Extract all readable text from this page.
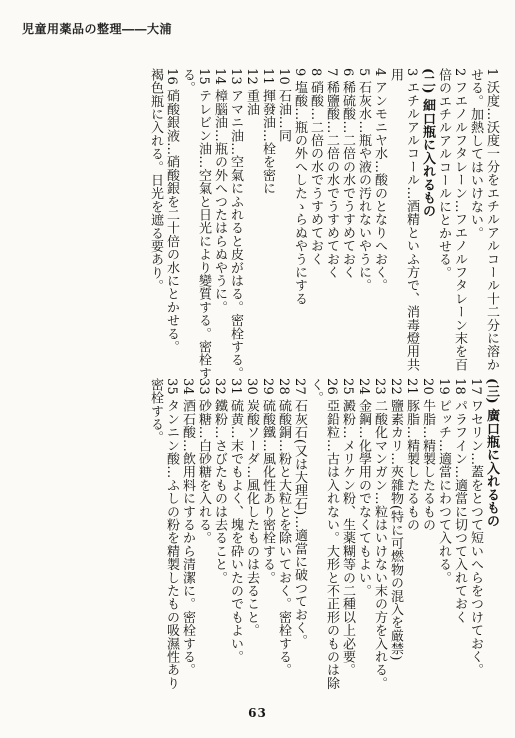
児童用薬品の整理――大浦
1 沃度…沃度一分をエチルアルコール十二分に溶か
せる。加熱してはいけない。
2 フエノルフタレーン…フエノルフタレーン末を百
倍のエチルアルコールにとかせる。
(二) 細口瓶に入れるもの
3 エチルアルコール…酒精といふ方で、消毒燈用共
用
4 アンモニヤ水…酸のとなりへおく。
5 石灰水…瓶や液の汚れないやうに。
6 稀硫酸…二倍の水でうすめておく
7 稀鹽酸…二倍の水でうすめておく
8 硝酸…二倍の水でうすめておく
9 塩酸…瓶の外へしたゝらぬやうにする
10 石油…同
11 揮發油…栓を密に
12 重油
13 アマニ油…空氣にふれると皮がはる。密栓する。
14 樟腦油…瓶の外へつたはらぬやうに。
15 テレビン油…空氣と日光により變質する。密栓す
る。
16 硝酸銀液…硝酸銀を二十倍の水にとかせる。
褐色瓶に入れる。日光を遮る要あり。
(三) 廣口瓶に入れるもの
17 ワセリン…蓋をとつて短いへらをつけておく。
18 パラフイン…適當に切つて入れておく
19 ピッチ…適當にわつて入れる。
20 牛脂…精製したるもの
21 豚脂…精製したるもの
22 鹽素カリ…夾雜物(特に可燃物の混入を厳禁)
23 二酸化マンガン…粒はいけない末の方を入れる。
24 金鋼…化學用のでなくてもよい。
25 澱粉…メリケン粉、生薬糊等の二種以上必要。
26 亞鉛粒…古は入れない。大形と不正形のものは除
く。
27 石灰石(又は大理石)…適當に破つておく。
28 硫酸銅…粉と大粒とを除いておく。密栓する。
29 硫酸鐵…風化性あり密栓する。
30 炭酸ソーダ…風化したものは去ること。
31 硫黄…末でもよく、塊を砕いたのでもよい。
32 鐵粉…さびたものは去ること。
33 砂糖…白砂糖を入れる。
34 酒石酸…飲用料にするから清潔に。密栓する。
35 タンニン酸…ふしの粉を精製したもの吸濕性あり
密栓する。
63
